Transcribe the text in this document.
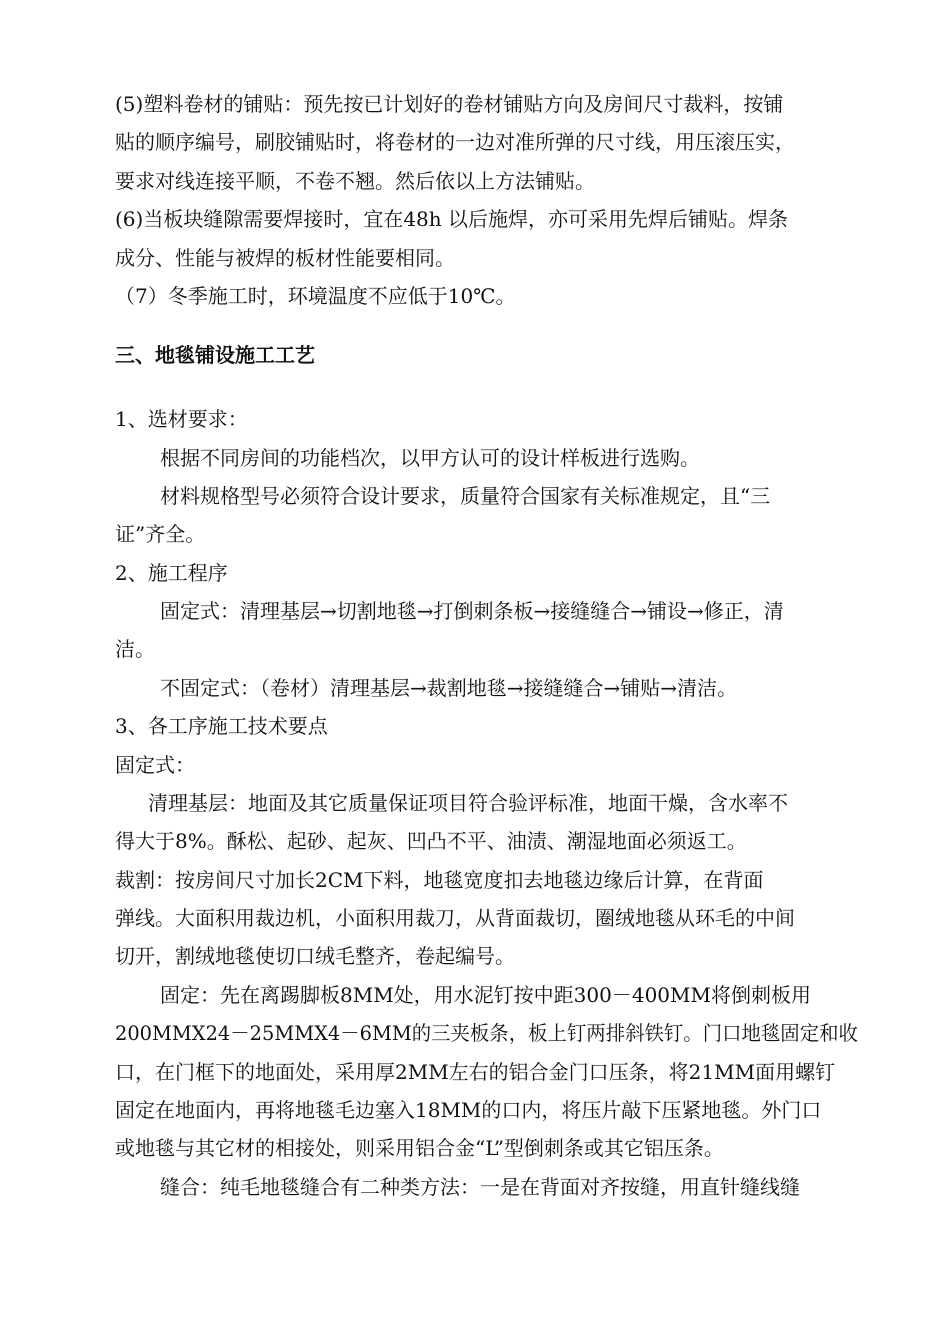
(5)塑料卷材的铺贴：预先按已计划好的卷材铺贴方向及房间尺寸裁料，按铺
贴的顺序编号，刷胶铺贴时，将卷材的一边对准所弹的尺寸线，用压滚压实，
要求对线连接平顺，不卷不翘。然后依以上方法铺贴。
(6)当板块缝隙需要焊接时，宜在48h 以后施焊，亦可采用先焊后铺贴。焊条
成分、性能与被焊的板材性能要相同。
（7）冬季施工时，环境温度不应低于10℃。
三、地毯铺设施工工艺
1、选材要求：
根据不同房间的功能档次，以甲方认可的设计样板进行选购。
材料规格型号必须符合设计要求，质量符合国家有关标准规定，且“三
证”齐全。
2、施工程序
固定式：清理基层→切割地毯→打倒刺条板→接缝缝合→铺设→修正，清
洁。
不固定式：（卷材）清理基层→裁割地毯→接缝缝合→铺贴→清洁。
3、各工序施工技术要点
固定式：
清理基层：地面及其它质量保证项目符合验评标准，地面干燥，含水率不
得大于8%。酥松、起砂、起灰、凹凸不平、油渍、潮湿地面必须返工。
裁割：按房间尺寸加长2CM下料，地毯宽度扣去地毯边缘后计算，在背面
弹线。大面积用裁边机，小面积用裁刀，从背面裁切，圈绒地毯从环毛的中间
切开，割绒地毯使切口绒毛整齐，卷起编号。
固定：先在离踢脚板8MM处，用水泥钉按中距300－400MM将倒刺板用
200MMX24－25MMX4－6MM的三夹板条，板上钉两排斜铁钉。门口地毯固定和收
口，在门框下的地面处，采用厚2MM左右的铝合金门口压条，将21MM面用螺钉
固定在地面内，再将地毯毛边塞入18MM的口内，将压片敲下压紧地毯。外门口
或地毯与其它材的相接处，则采用铝合金“L”型倒刺条或其它铝压条。
缝合：纯毛地毯缝合有二种类方法：一是在背面对齐按缝，用直针缝线缝
